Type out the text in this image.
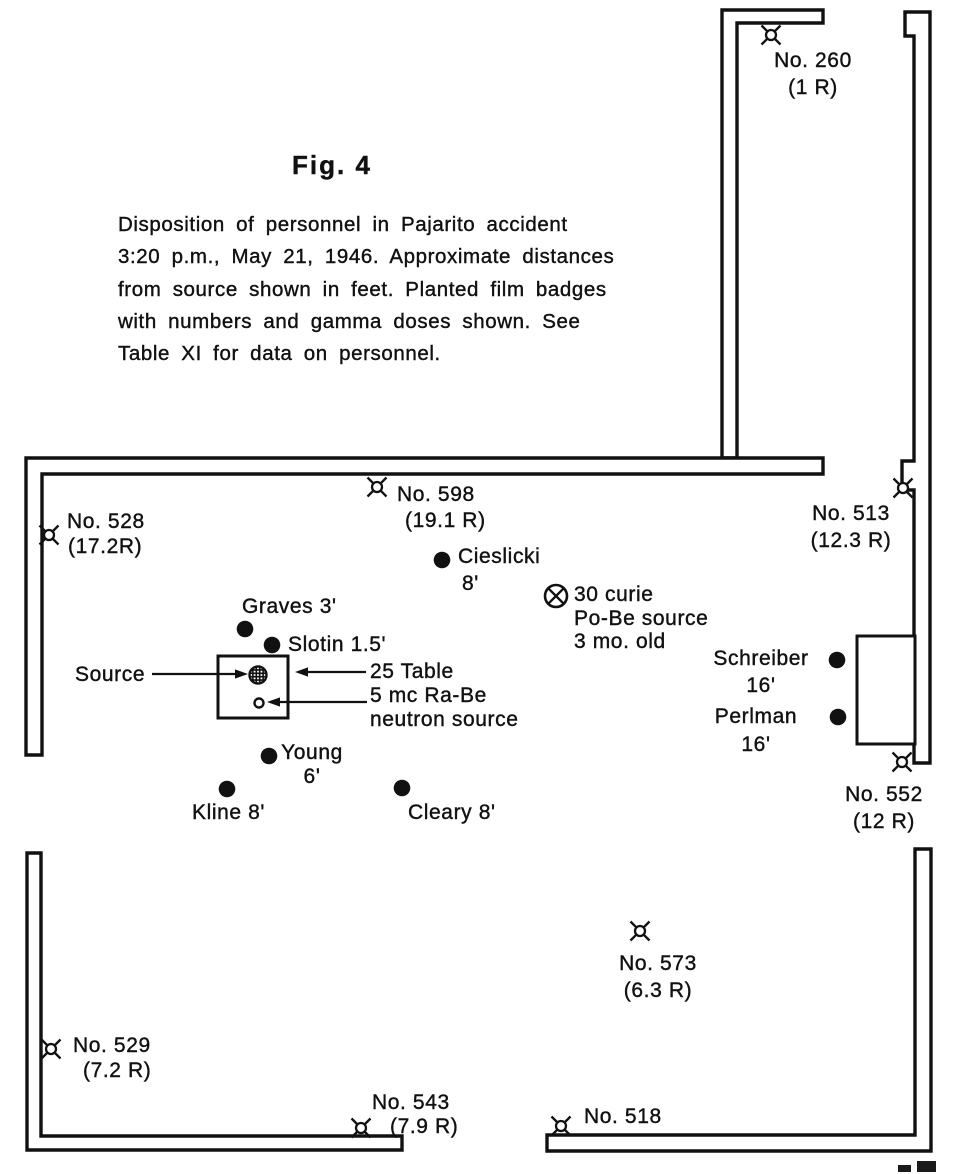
Fig. 4
Disposition of personnel in Pajarito accident
3:20 p.m., May 21, 1946. Approximate distances
from source shown in feet. Planted film badges
with numbers and gamma doses shown. See
Table XI for data on personnel.
No. 260
(1 R)
No. 598
(19.1 R)
No. 528
(17.2R)
No. 513
(12.3 R)
Cieslicki
8'	30 curie
Po-Be source
3 mo. old
Graves 3'
Slotin 1.5'
Source	25 Table
5 mc Ra-Be
neutron source
Young
6'
Kline 8'	Cleary 8'
Schreiber
16'
Perlman
16'
No. 552
(12 R)
No. 573
(6.3 R)
No. 529
(7.2 R)
No. 543
(7.9 R)	No. 518
